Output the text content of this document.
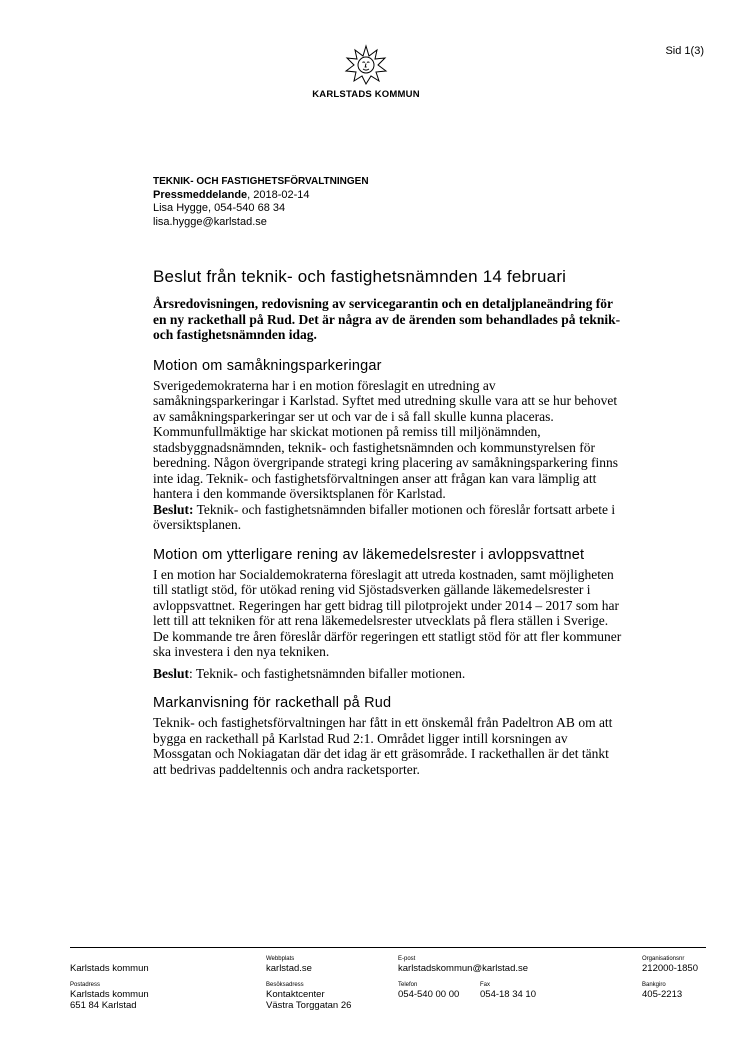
Sid 1(3)
KARLSTADS KOMMUN
TEKNIK- OCH FASTIGHETSFÖRVALTNINGEN
Pressmeddelande, 2018-02-14
Lisa Hygge, 054-540 68 34
lisa.hygge@karlstad.se
Beslut från teknik- och fastighetsnämnden 14 februari

Årsredovisningen, redovisning av servicegarantin och en detaljplaneändring för en ny rackethall på Rud. Det är några av de ärenden som behandlades på teknik- och fastighetsnämnden idag.

Motion om samåkningsparkeringar

Sverigedemokraterna har i en motion föreslagit en utredning av samåkningsparkeringar i Karlstad. Syftet med utredning skulle vara att se hur behovet av samåkningsparkeringar ser ut och var de i så fall skulle kunna placeras. Kommunfullmäktige har skickat motionen på remiss till miljönämnden, stadsbyggnadsnämnden, teknik- och fastighetsnämnden och kommunstyrelsen för beredning. Någon övergripande strategi kring placering av samåkningsparkering finns inte idag. Teknik- och fastighetsförvaltningen anser att frågan kan vara lämplig att hantera i den kommande översiktsplanen för Karlstad.

Beslut: Teknik- och fastighetsnämnden bifaller motionen och föreslår fortsatt arbete i översiktsplanen.

Motion om ytterligare rening av läkemedelsrester i avloppsvattnet

I en motion har Socialdemokraterna föreslagit att utreda kostnaden, samt möjligheten till statligt stöd, för utökad rening vid Sjöstadsverken gällande läkemedelsrester i avloppsvattnet. Regeringen har gett bidrag till pilotprojekt under 2014 – 2017 som har lett till att tekniken för att rena läkemedelsrester utvecklats på flera ställen i Sverige. De kommande tre åren föreslår därför regeringen ett statligt stöd för att fler kommuner ska investera i den nya tekniken.

Beslut: Teknik- och fastighetsnämnden bifaller motionen.

Markanvisning för rackethall på Rud

Teknik- och fastighetsförvaltningen har fått in ett önskemål från Padeltron AB om att bygga en rackethall på Karlstad Rud 2:1. Området ligger intill korsningen av Mossgatan och Nokiagatan där det idag är ett gräsområde. I rackethallen är det tänkt att bedrivas paddeltennis och andra racketsporter.

Karlstads kommun
Webbplats
karlstad.se
E-post
karlstadskommun@karlstad.se
Organisationsnr
212000-1850
Postadress
Karlstads kommun
651 84 Karlstad
Besöksadress
Kontaktcenter
Västra Torggatan 26
Telefon
054-540 00 00
Fax
054-18 34 10
Bankgiro
405-2213
